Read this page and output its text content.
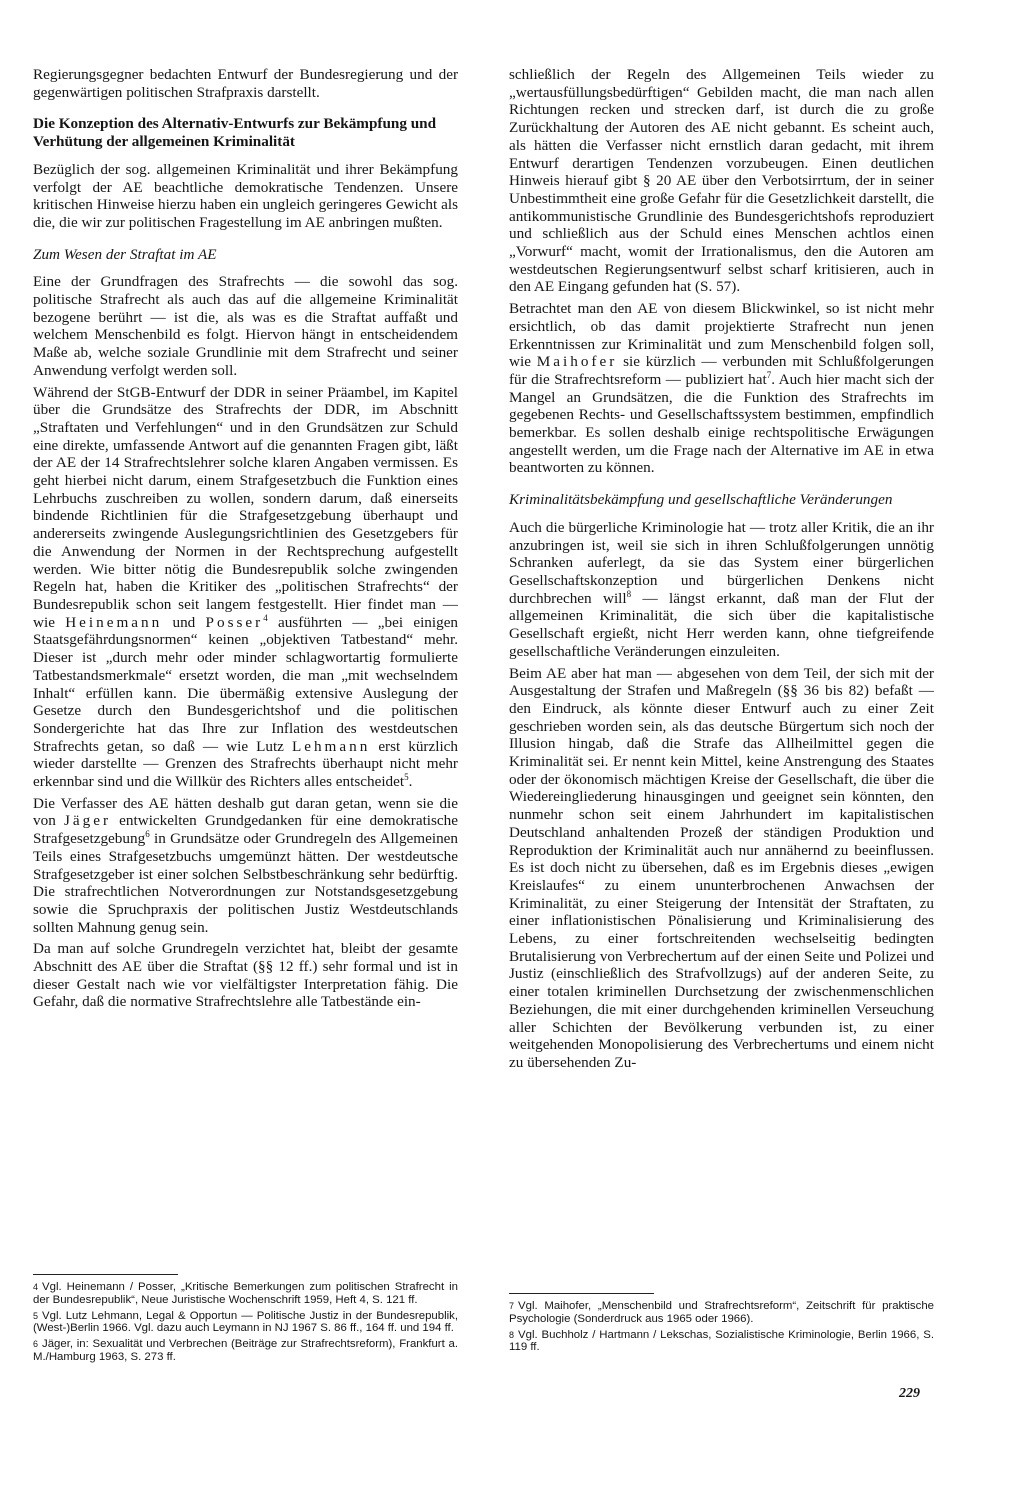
Regierungsgegner bedachten Entwurf der Bundesregierung und der gegenwärtigen politischen Strafpraxis darstellt.

Die Konzeption des Alternativ-Entwurfs zur Bekämpfung und Verhütung der allgemeinen Kriminalität

Bezüglich der sog. allgemeinen Kriminalität und ihrer Bekämpfung verfolgt der AE beachtliche demokratische Tendenzen. Unsere kritischen Hinweise hierzu haben ein ungleich geringeres Gewicht als die, die wir zur politischen Fragestellung im AE anbringen mußten.

Zum Wesen der Straftat im AE

Eine der Grundfragen des Strafrechts — die sowohl das sog. politische Strafrecht als auch das auf die allgemeine Kriminalität bezogene berührt — ist die, als was es die Straftat auffaßt und welchem Menschenbild es folgt. Hiervon hängt in entscheidendem Maße ab, welche soziale Grundlinie mit dem Strafrecht und seiner Anwendung verfolgt werden soll.

Während der StGB-Entwurf der DDR in seiner Präambel, im Kapitel über die Grundsätze des Strafrechts der DDR, im Abschnitt „Straftaten und Verfehlungen“ und in den Grundsätzen zur Schuld eine direkte, umfassende Antwort auf die genannten Fragen gibt, läßt der AE der 14 Strafrechtslehrer solche klaren Angaben vermissen. Es geht hierbei nicht darum, einem Strafgesetzbuch die Funktion eines Lehrbuchs zuschreiben zu wollen, sondern darum, daß einerseits bindende Richtlinien für die Strafgesetzgebung überhaupt und andererseits zwingende Auslegungsrichtlinien des Gesetzgebers für die Anwendung der Normen in der Rechtsprechung aufgestellt werden. Wie bitter nötig die Bundesrepublik solche zwingenden Regeln hat, haben die Kritiker des „politischen Strafrechts“ der Bundesrepublik schon seit langem festgestellt. Hier findet man — wie Heinemann und Posser$^4$ ausführten — „bei einigen Staatsgefährdungsnormen“ keinen „objektiven Tatbestand“ mehr. Dieser ist „durch mehr oder minder schlagwortartig formulierte Tatbestandsmerkmale“ ersetzt worden, die man „mit wechselndem Inhalt“ erfüllen kann. Die übermäßig extensive Auslegung der Gesetze durch den Bundesgerichtshof und die politischen Sondergerichte hat das Ihre zur Inflation des westdeutschen Strafrechts getan, so daß — wie Lutz Lehmann erst kürzlich wieder darstellte — Grenzen des Strafrechts überhaupt nicht mehr erkennbar sind und die Willkür des Richters alles entscheidet$^5$.

Die Verfasser des AE hätten deshalb gut daran getan, wenn sie die von Jäger entwickelten Grundgedanken für eine demokratische Strafgesetzgebung$^6$ in Grundsätze oder Grundregeln des Allgemeinen Teils eines Strafgesetzbuchs umgemünzt hätten. Der westdeutsche Strafgesetzgeber ist einer solchen Selbstbeschränkung sehr bedürftig. Die strafrechtlichen Notverordnungen zur Notstandsgesetzgebung sowie die Spruchpraxis der politischen Justiz Westdeutschlands sollten Mahnung genug sein.

Da man auf solche Grundregeln verzichtet hat, bleibt der gesamte Abschnitt des AE über die Straftat (§§ 12 ff.) sehr formal und ist in dieser Gestalt nach wie vor vielfältigster Interpretation fähig. Die Gefahr, daß die normative Strafrechtslehre alle Tatbestände ein-

$^4$ Vgl. Heinemann / Posser, „Kritische Bemerkungen zum politischen Strafrecht in der Bundesrepublik“, Neue Juristische Wochenschrift 1959, Heft 4, S. 121 ff.

$^5$ Vgl. Lutz Lehmann, Legal & Opportun — Politische Justiz in der Bundesrepublik, (West-)Berlin 1966. Vgl. dazu auch Leymann in NJ 1967 S. 86 ff., 164 ff. und 194 ff.

$^6$ Jäger, in: Sexualität und Verbrechen (Beiträge zur Strafrechtsreform), Frankfurt a. M./Hamburg 1963, S. 273 ff.

schließlich der Regeln des Allgemeinen Teils wieder zu „wertausfüllungsbedürftigen“ Gebilden macht, die man nach allen Richtungen recken und strecken darf, ist durch die zu große Zurückhaltung der Autoren des AE nicht gebannt. Es scheint auch, als hätten die Verfasser nicht ernstlich daran gedacht, mit ihrem Entwurf derartigen Tendenzen vorzubeugen. Einen deutlichen Hinweis hierauf gibt § 20 AE über den Verbotsirrtum, der in seiner Unbestimmtheit eine große Gefahr für die Gesetzlichkeit darstellt, die antikommunistische Grundlinie des Bundesgerichtshofs reproduziert und schließlich aus der Schuld eines Menschen achtlos einen „Vorwurf“ macht, womit der Irrationalismus, den die Autoren am westdeutschen Regierungsentwurf selbst scharf kritisieren, auch in den AE Eingang gefunden hat (S. 57).

Betrachtet man den AE von diesem Blickwinkel, so ist nicht mehr ersichtlich, ob das damit projektierte Strafrecht nun jenen Erkenntnissen zur Kriminalität und zum Menschenbild folgen soll, wie Maihofer sie kürzlich — verbunden mit Schlußfolgerungen für die Strafrechtsreform — publiziert hat$^7$. Auch hier macht sich der Mangel an Grundsätzen, die die Funktion des Strafrechts im gegebenen Rechts- und Gesellschaftssystem bestimmen, empfindlich bemerkbar. Es sollen deshalb einige rechtspolitische Erwägungen angestellt werden, um die Frage nach der Alternative im AE in etwa beantworten zu können.

Kriminalitätsbekämpfung und gesellschaftliche Veränderungen

Auch die bürgerliche Kriminologie hat — trotz aller Kritik, die an ihr anzubringen ist, weil sie sich in ihren Schlußfolgerungen unnötig Schranken auferlegt, da sie das System einer bürgerlichen Gesellschaftskonzeption und bürgerlichen Denkens nicht durchbrechen will$^8$ — längst erkannt, daß man der Flut der allgemeinen Kriminalität, die sich über die kapitalistische Gesellschaft ergießt, nicht Herr werden kann, ohne tiefgreifende gesellschaftliche Veränderungen einzuleiten.

Beim AE aber hat man — abgesehen von dem Teil, der sich mit der Ausgestaltung der Strafen und Maßregeln (§§ 36 bis 82) befaßt — den Eindruck, als könnte dieser Entwurf auch zu einer Zeit geschrieben worden sein, als das deutsche Bürgertum sich noch der Illusion hingab, daß die Strafe das Allheilmittel gegen die Kriminalität sei. Er nennt kein Mittel, keine Anstrengung des Staates oder der ökonomisch mächtigen Kreise der Gesellschaft, die über die Wiedereingliederung hinausgingen und geeignet sein könnten, den nunmehr schon seit einem Jahrhundert im kapitalistischen Deutschland anhaltenden Prozeß der ständigen Produktion und Reproduktion der Kriminalität auch nur annähernd zu beeinflussen. Es ist doch nicht zu übersehen, daß es im Ergebnis dieses „ewigen Kreislaufes“ zu einem ununterbrochenen Anwachsen der Kriminalität, zu einer Steigerung der Intensität der Straftaten, zu einer inflationistischen Pönalisierung und Kriminalisierung des Lebens, zu einer fortschreitenden wechselseitig bedingten Brutalisierung von Verbrechertum auf der einen Seite und Polizei und Justiz (einschließlich des Strafvollzugs) auf der anderen Seite, zu einer totalen kriminellen Durchsetzung der zwischenmenschlichen Beziehungen, die mit einer durchgehenden kriminellen Verseuchung aller Schichten der Bevölkerung verbunden ist, zu einer weitgehenden Monopolisierung des Verbrechertums und einem nicht zu übersehenden Zu-

$^7$ Vgl. Maihofer, „Menschenbild und Strafrechtsreform“, Zeitschrift für praktische Psychologie (Sonderdruck aus 1965 oder 1966).

$^8$ Vgl. Buchholz / Hartmann / Lekschas, Sozialistische Kriminologie, Berlin 1966, S. 119 ff.

229
